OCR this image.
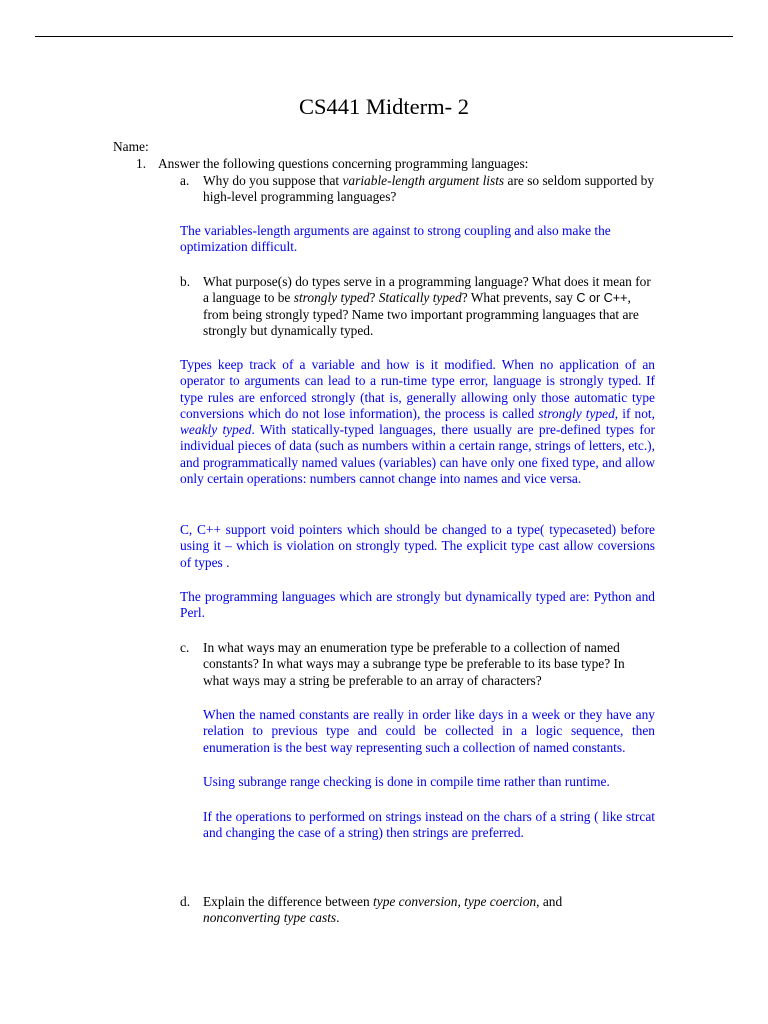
CS441 Midterm- 2
Name:
1. Answer the following questions concerning programming languages:
a.	Why do you suppose that variable-length argument lists are so seldom supported by high-level programming languages?
The variables-length arguments are against to strong coupling and also make the optimization difficult.
b. What purpose(s) do types serve in a programming language? What does it mean for a language to be strongly typed? Statically typed? What prevents, say C or C++, from being strongly typed? Name two important programming languages that are strongly but dynamically typed.
Types keep track of a variable and how is it modified. When no application of an operator to arguments can lead to a run-time type error, language is strongly typed. If type rules are enforced strongly (that is, generally allowing only those automatic type conversions which do not lose information), the process is called strongly typed, if not, weakly typed. With statically-typed languages, there usually are pre-defined types for individual pieces of data (such as numbers within a certain range, strings of letters, etc.), and programmatically named values (variables) can have only one fixed type, and allow only certain operations: numbers cannot change into names and vice versa.
C, C++ support void pointers which should be changed to a type( typecaseted) before using it – which is violation on strongly typed. The explicit type cast allow coversions of types .
The programming languages which are strongly but dynamically typed are: Python and Perl.
c.	In what ways may an enumeration type be preferable to a collection of named constants? In what ways may a subrange type be preferable to its base type? In what ways may a string be preferable to an array of characters?
When the named constants are really in order like days in a week or they have any relation to previous type and could be collected in a logic sequence, then enumeration is the best way representing such a collection of named constants.
Using subrange range checking is done in compile time rather than runtime.
If the operations to performed on strings instead on the chars of a string ( like strcat and changing the case of a string) then strings are preferred.
d. Explain the difference between type conversion, type coercion, and nonconverting type casts.
